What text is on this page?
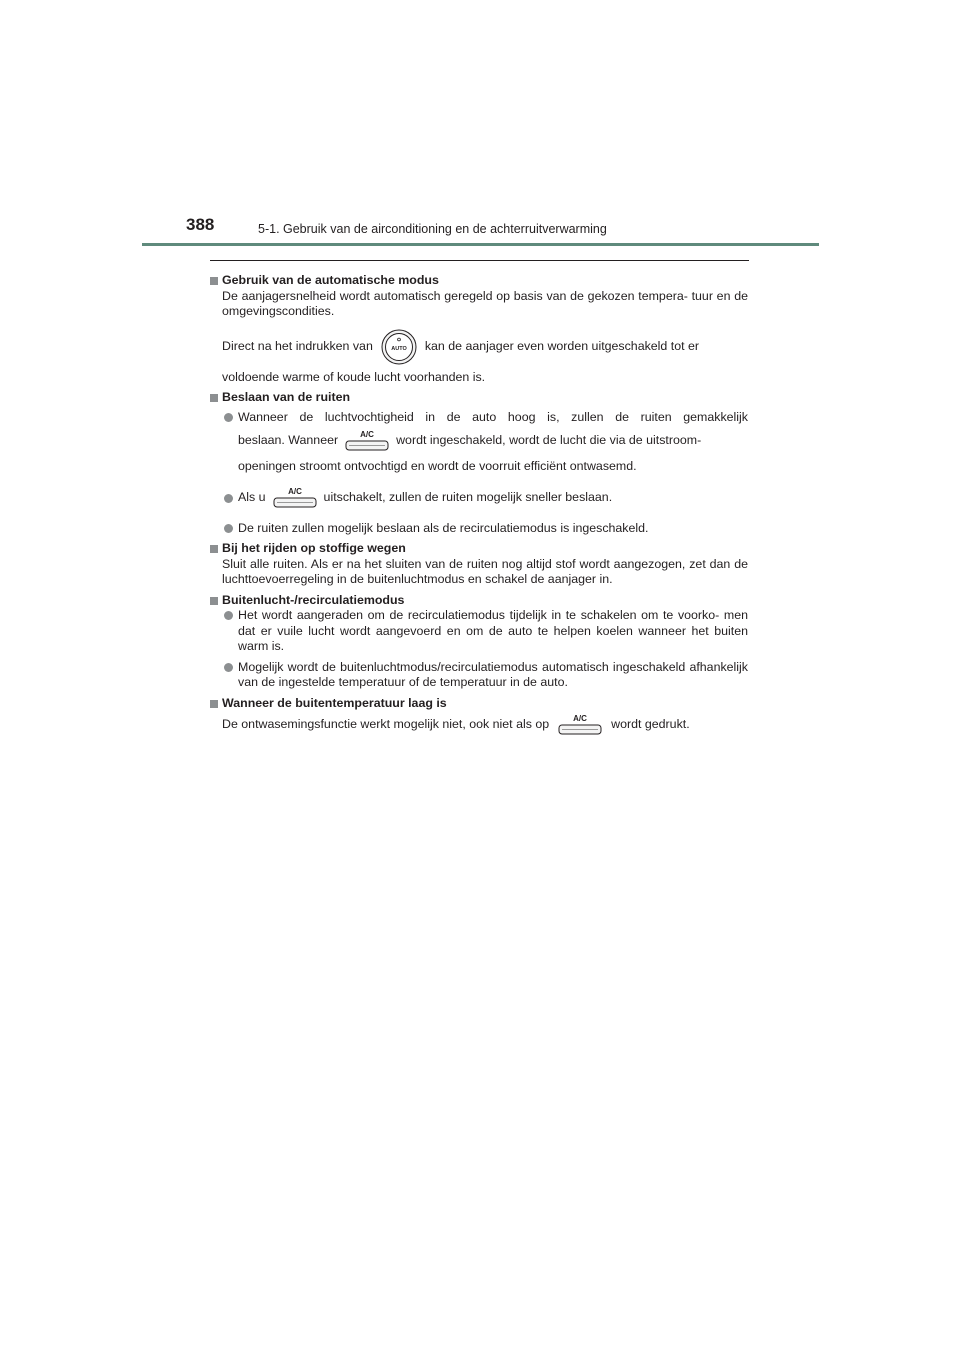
388	5-1. Gebruik van de airconditioning en de achterruitverwarming
Gebruik van de automatische modus
De aanjagersnelheid wordt automatisch geregeld op basis van de gekozen tempera- tuur en de omgevingscondities.
Direct na het indrukken van	AUTO kan de aanjager even worden uitgeschakeld tot er
voldoende warme of koude lucht voorhanden is.
Beslaan van de ruiten
Wanneer de luchtvochtigheid in de auto hoog is, zullen de ruiten gemakkelijk
beslaan. Wanneer	A/C wordt ingeschakeld, wordt de lucht die via de uitstroom-
openingen stroomt ontvochtigd en wordt de voorruit efficiënt ontwasemd.
Als u	A/C uitschakelt, zullen de ruiten mogelijk sneller beslaan.
De ruiten zullen mogelijk beslaan als de recirculatiemodus is ingeschakeld.
Bij het rijden op stoffige wegen
Sluit alle ruiten. Als er na het sluiten van de ruiten nog altijd stof wordt aangezogen, zet dan de luchttoevoerregeling in de buitenluchtmodus en schakel de aanjager in.
Buitenlucht-/recirculatiemodus
Het wordt aangeraden om de recirculatiemodus tijdelijk in te schakelen om te voorko- men dat er vuile lucht wordt aangevoerd en om de auto te helpen koelen wanneer het buiten warm is.
Mogelijk wordt de buitenluchtmodus/recirculatiemodus automatisch ingeschakeld afhankelijk van de ingestelde temperatuur of de temperatuur in de auto.
Wanneer de buitentemperatuur laag is
De ontwasemingsfunctie werkt mogelijk niet, ook niet als op	A/C wordt gedrukt.
